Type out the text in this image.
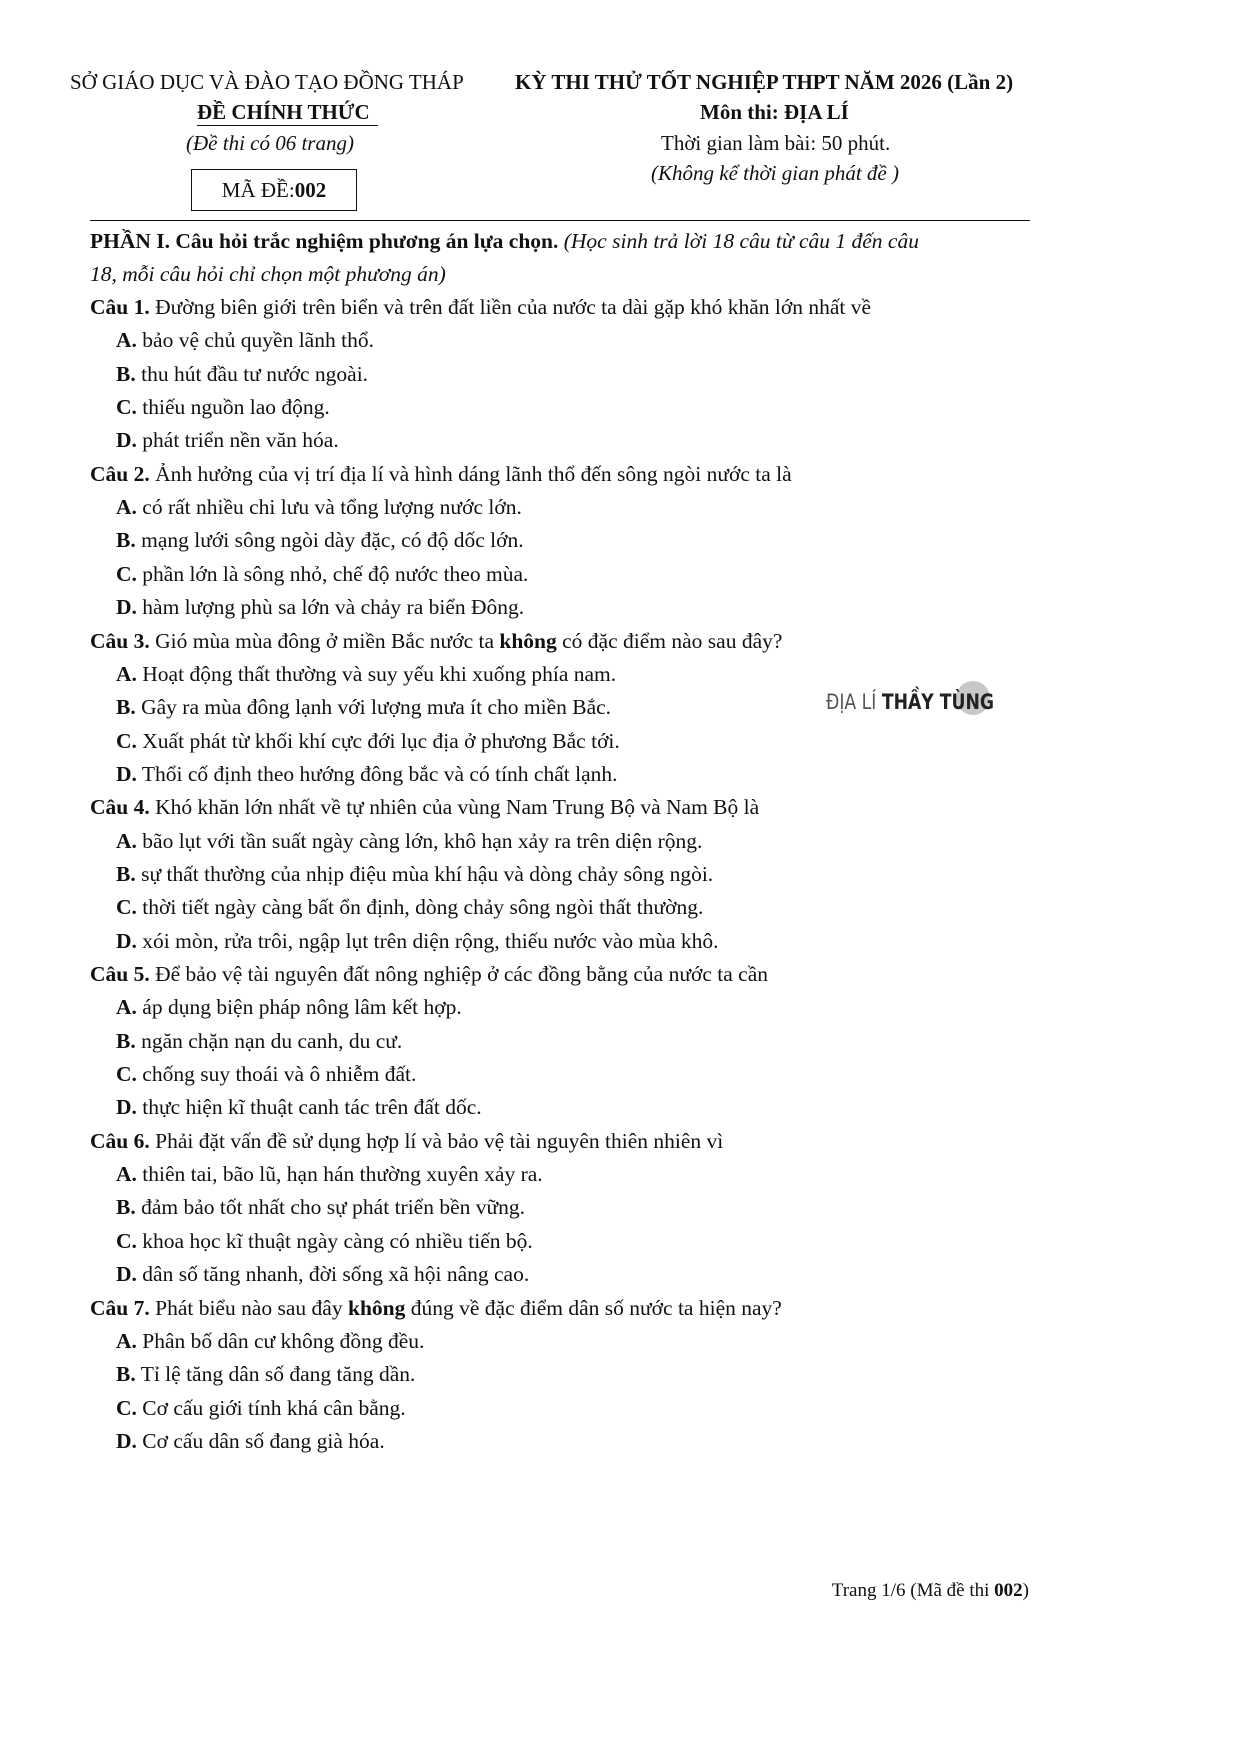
SỞ GIÁO DỤC VÀ ĐÀO TẠO ĐỒNG THÁP
ĐỀ CHÍNH THỨC
(Đề thi có 06 trang)
MÃ ĐỀ: 002
KỲ THI THỬ TỐT NGHIỆP THPT NĂM 2026 (Lần 2)
Môn thi: ĐỊA LÍ
Thời gian làm bài: 50 phút.
(Không kể thời gian phát đề )
PHẦN I. Câu hỏi trắc nghiệm phương án lựa chọn. (Học sinh trả lời 18 câu từ câu 1 đến câu
18, mỗi câu hỏi chỉ chọn một phương án)
Câu 1. Đường biên giới trên biển và trên đất liền của nước ta dài gặp khó khăn lớn nhất về
A. bảo vệ chủ quyền lãnh thổ.
B. thu hút đầu tư nước ngoài.
C. thiếu nguồn lao động.
D. phát triển nền văn hóa.
Câu 2. Ảnh hưởng của vị trí địa lí và hình dáng lãnh thổ đến sông ngòi nước ta là
A. có rất nhiều chi lưu và tổng lượng nước lớn.
B. mạng lưới sông ngòi dày đặc, có độ dốc lớn.
C. phần lớn là sông nhỏ, chế độ nước theo mùa.
D. hàm lượng phù sa lớn và chảy ra biển Đông.
Câu 3. Gió mùa mùa đông ở miền Bắc nước ta không có đặc điểm nào sau đây?
A. Hoạt động thất thường và suy yếu khi xuống phía nam.
B. Gây ra mùa đông lạnh với lượng mưa ít cho miền Bắc.
C. Xuất phát từ khối khí cực đới lục địa ở phương Bắc tới.
D. Thổi cố định theo hướng đông bắc và có tính chất lạnh.
Câu 4. Khó khăn lớn nhất về tự nhiên của vùng Nam Trung Bộ và Nam Bộ là
A. bão lụt với tần suất ngày càng lớn, khô hạn xảy ra trên diện rộng.
B. sự thất thường của nhịp điệu mùa khí hậu và dòng chảy sông ngòi.
C. thời tiết ngày càng bất ổn định, dòng chảy sông ngòi thất thường.
D. xói mòn, rửa trôi, ngập lụt trên diện rộng, thiếu nước vào mùa khô.
Câu 5. Để bảo vệ tài nguyên đất nông nghiệp ở các đồng bằng của nước ta cần
A. áp dụng biện pháp nông lâm kết hợp.
B. ngăn chặn nạn du canh, du cư.
C. chống suy thoái và ô nhiễm đất.
D. thực hiện kĩ thuật canh tác trên đất dốc.
Câu 6. Phải đặt vấn đề sử dụng hợp lí và bảo vệ tài nguyên thiên nhiên vì
A. thiên tai, bão lũ, hạn hán thường xuyên xảy ra.
B. đảm bảo tốt nhất cho sự phát triển bền vững.
C. khoa học kĩ thuật ngày càng có nhiều tiến bộ.
D. dân số tăng nhanh, đời sống xã hội nâng cao.
Câu 7. Phát biểu nào sau đây không đúng về đặc điểm dân số nước ta hiện nay?
A. Phân bố dân cư không đồng đều.
B. Tỉ lệ tăng dân số đang tăng dần.
C. Cơ cấu giới tính khá cân bằng.
D. Cơ cấu dân số đang già hóa.
ĐỊA LÍ THẦY TÙNG
Trang 1/6 (Mã đề thi 002)
